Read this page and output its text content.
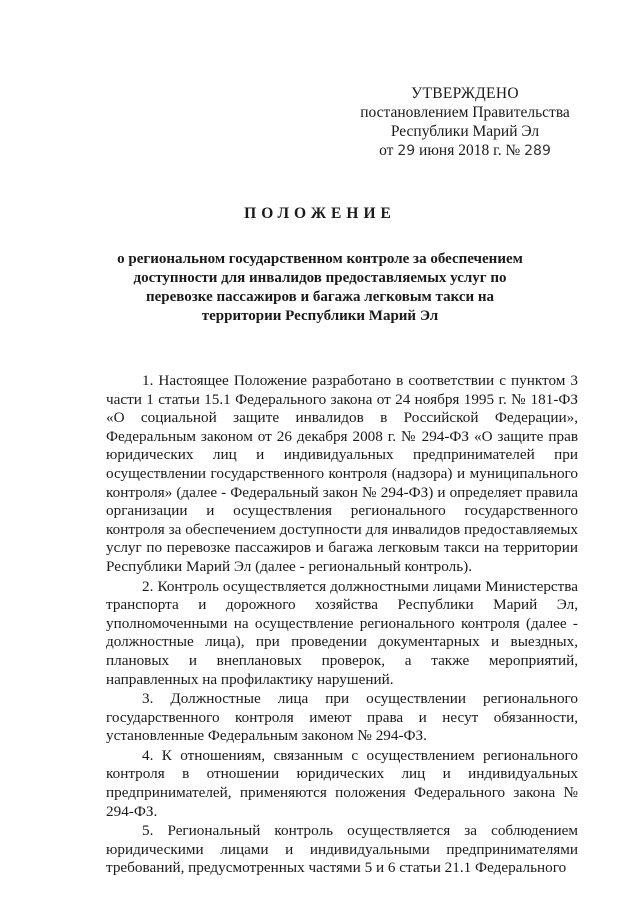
УТВЕРЖДЕНО
постановлением Правительства
Республики Марий Эл
от 29 июня 2018 г. № 289
ПОЛОЖЕНИЕ
о региональном государственном контроле за обеспечением доступности для инвалидов предоставляемых услуг по перевозке пассажиров и багажа легковым такси на территории Республики Марий Эл

1. Настоящее Положение разработано в соответствии с пунктом 3 части 1 статьи 15.1 Федерального закона от 24 ноября 1995 г. № 181-ФЗ «О социальной защите инвалидов в Российской Федерации», Федеральным законом от 26 декабря 2008 г. № 294-ФЗ «О защите прав юридических лиц и индивидуальных предпринимателей при осуществлении государственного контроля (надзора) и муниципального контроля» (далее - Федеральный закон № 294-ФЗ) и определяет правила организации и осуществления регионального государственного контроля за обеспечением доступности для инвалидов предоставляемых услуг по перевозке пассажиров и багажа легковым такси на территории Республики Марий Эл (далее - региональный контроль).

2. Контроль осуществляется должностными лицами Министерства транспорта и дорожного хозяйства Республики Марий Эл, уполномоченными на осуществление регионального контроля (далее - должностные лица), при проведении документарных и выездных, плановых и внеплановых проверок, а также мероприятий, направленных на профилактику нарушений.

3. Должностные лица при осуществлении регионального государственного контроля имеют права и несут обязанности, установленные Федеральным законом № 294-ФЗ.

4. К отношениям, связанным с осуществлением регионального контроля в отношении юридических лиц и индивидуальных предпринимателей, применяются положения Федерального закона № 294-ФЗ.

5. Региональный контроль осуществляется за соблюдением юридическими лицами и индивидуальными предпринимателями требований, предусмотренных частями 5 и 6 статьи 21.1 Федерального
